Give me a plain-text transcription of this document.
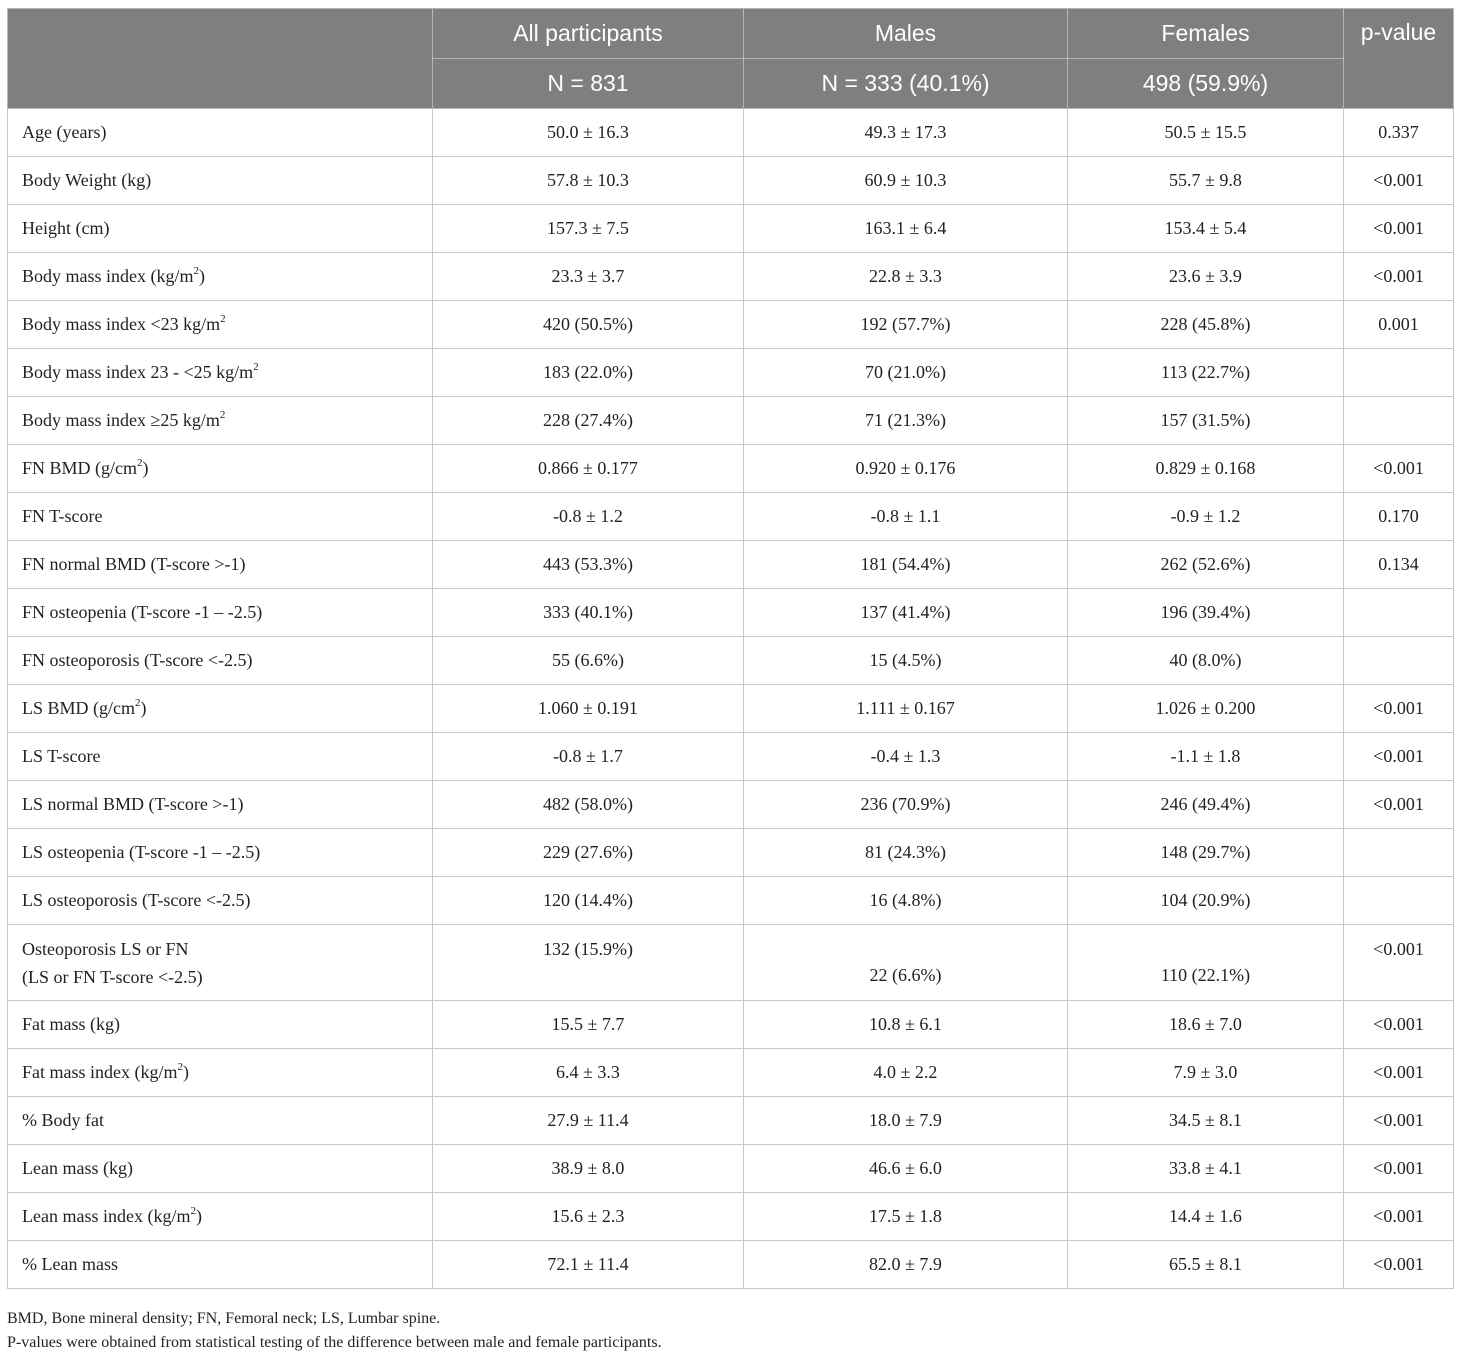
	All participants	Males	Females	p-value
	N = 831	N = 333 (40.1%)	498 (59.9%)	
Age (years)	50.0 ± 16.3	49.3 ± 17.3	50.5 ± 15.5	0.337
Body Weight (kg)	57.8 ± 10.3	60.9 ± 10.3	55.7 ± 9.8	<0.001
Height (cm)	157.3 ± 7.5	163.1 ± 6.4	153.4 ± 5.4	<0.001
Body mass index $(kg/m^2)$	23.3 ± 3.7	22.8 ± 3.3	23.6 ± 3.9	<0.001
Body mass index <23 $kg/m^2$	420 (50.5%)	192 (57.7%)	228 (45.8%)	0.001
Body mass index 23 - <25 $kg/m^2$	183 (22.0%)	70 (21.0%)	113 (22.7%)	
Body mass index ≥25 $kg/m^2$	228 (27.4%)	71 (21.3%)	157 (31.5%)	
FN BMD $(g/cm^2)$	0.866 ± 0.177	0.920 ± 0.176	0.829 ± 0.168	<0.001
FN T-score	-0.8 ± 1.2	-0.8 ± 1.1	-0.9 ± 1.2	0.170
FN normal BMD (T-score >-1)	443 (53.3%)	181 (54.4%)	262 (52.6%)	0.134
FN osteopenia (T-score -1 – -2.5)	333 (40.1%)	137 (41.4%)	196 (39.4%)	
FN osteoporosis (T-score <-2.5)	55 (6.6%)	15 (4.5%)	40 (8.0%)	
LS BMD $(g/cm^2)$	1.060 ± 0.191	1.111 ± 0.167	1.026 ± 0.200	<0.001
LS T-score	-0.8 ± 1.7	-0.4 ± 1.3	-1.1 ± 1.8	<0.001
LS normal BMD (T-score >-1)	482 (58.0%)	236 (70.9%)	246 (49.4%)	<0.001
LS osteopenia (T-score -1 – -2.5)	229 (27.6%)	81 (24.3%)	148 (29.7%)	
LS osteoporosis (T-score <-2.5)	120 (14.4%)	16 (4.8%)	104 (20.9%)	

Osteoporosis LS or FN
(LS or FN T-score <-2.5)	132 (15.9%)	22 (6.6%)	110 (22.1%)	<0.001
Fat mass (kg)	15.5 ± 7.7	10.8 ± 6.1	18.6 ± 7.0	<0.001
Fat mass index $(kg/m^2)$	6.4 ± 3.3	4.0 ± 2.2	7.9 ± 3.0	<0.001
% Body fat	27.9 ± 11.4	18.0 ± 7.9	34.5 ± 8.1	<0.001
Lean mass (kg)	38.9 ± 8.0	46.6 ± 6.0	33.8 ± 4.1	<0.001
Lean mass index $(kg/m^2)$	15.6 ± 2.3	17.5 ± 1.8	14.4 ± 1.6	<0.001
% Lean mass	72.1 ± 11.4	82.0 ± 7.9	65.5 ± 8.1	<0.001

BMD, Bone mineral density; FN, Femoral neck; LS, Lumbar spine.

P-values were obtained from statistical testing of the difference between male and female participants.
